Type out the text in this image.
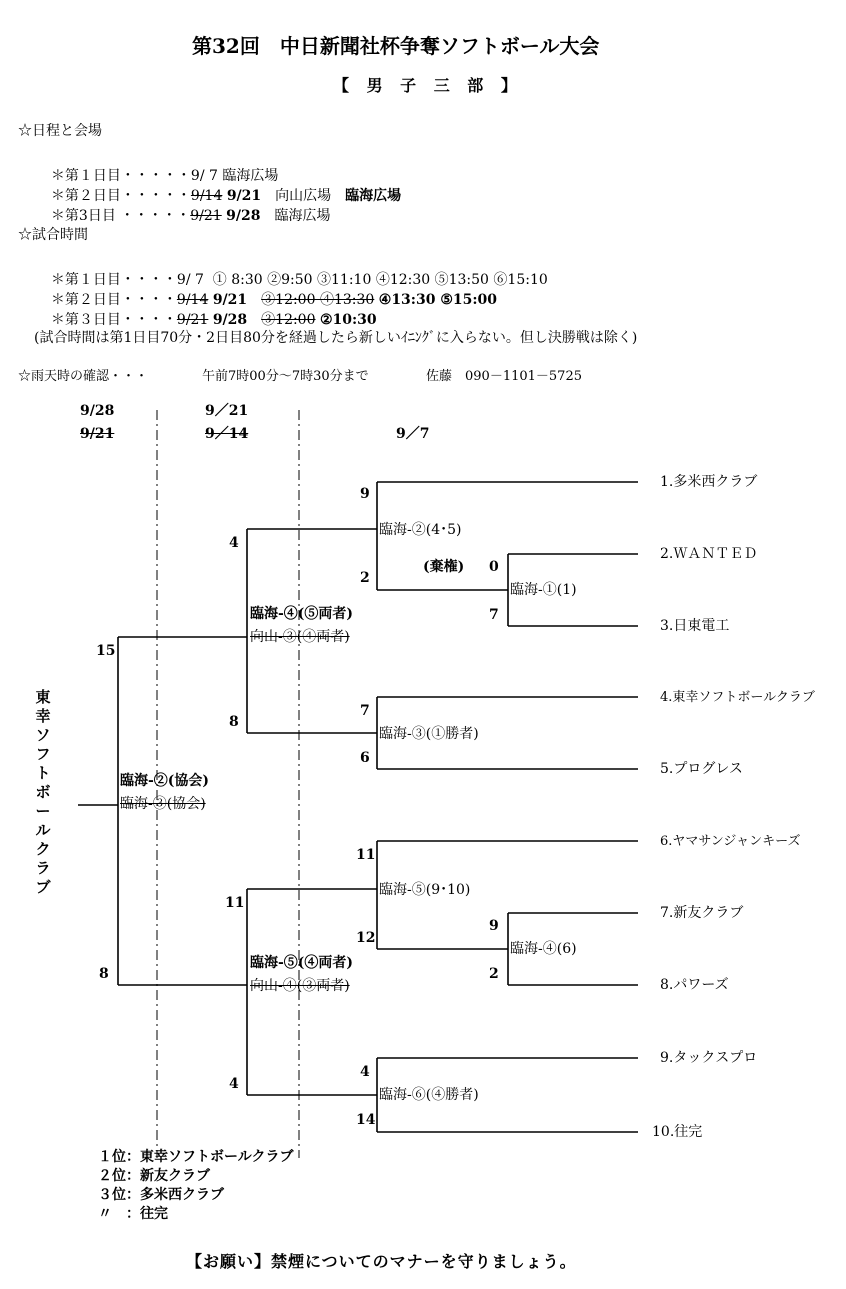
第32回　中日新聞社杯争奪ソフトボール大会
【 男 子 三 部 】
☆日程と会場

＊第１日目・・・・・9/ 7 臨海広場

＊第２日目・・・・・9/14 9/21　 向山広場　 臨海広場

＊第3日目 ・・・・・9/21 9/28　 臨海広場

☆試合時間

＊第１日目・・・・9/ 7 ① 8:30 ②9:50 ③11:10 ④12:30 ⑤13:50 ⑥15:10

＊第２日目・・・・9/14 9/21　 ③12:00 ④13:30 ④13:30 ⑤15:00

＊第３日目・・・・9/21 9/28　 ③12:00 ②10:30

(試合時間は第1日目70分・2日目80分を経過したら新しいｲﾆﾝｸﾞに入らない。但し決勝戦は除く)
☆雨天時の確認・・・	午前7時00分～7時30分まで	佐藤　090－1101－5725
9/28
9/21
9／21
9／14	9／7
1.多米西クラブ
2.ＷＡＮＴＥＤ
3.日東電工
4.東幸ソフトボールクラブ
5.プログレス
6.ヤマサンジャンキーズ
7.新友クラブ
8.パワーズ
9.タックスプロ
10.往完
(棄権) 0
臨海-①(1)
7
9
臨海-②(4･5)
2
7
臨海-③(①勝者)
6
9
臨海-④(6)
2
11
臨海-⑤(9･10)
12
4
臨海-⑥(④勝者)
14
4
臨海-④(⑤両者)
向山-③(④両者)
8
11
臨海-⑤(④両者)
向山-④(③両者)
4
15
臨海-②(協会)
臨海-③(協会)
8
東
幸
ソ
フ
ト
ボ
ー
ル
ク
ラ
ブ
１位：東幸ソフトボールクラブ
２位：新友クラブ
３位：多米西クラブ
〃　：往完
【お願い】禁煙についてのマナーを守りましょう。
